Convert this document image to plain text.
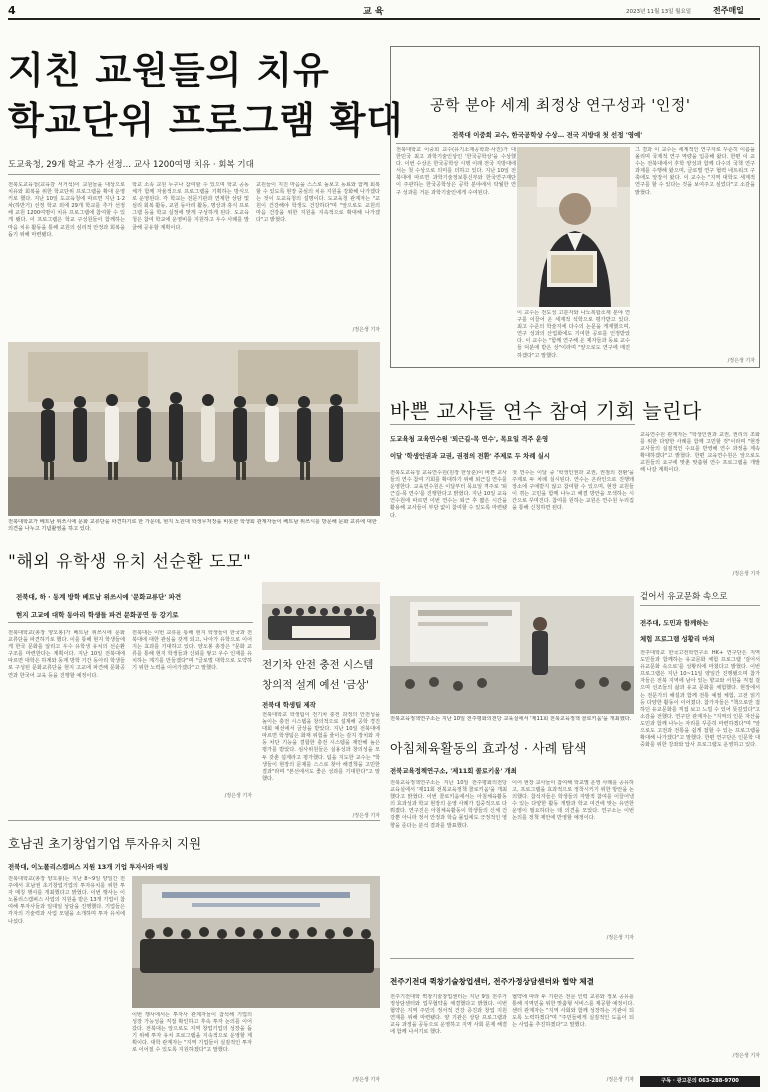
4	교 육	2023년 11월 13일 월요일	전주매일
지친 교원들의 치유
학교단위 프로그램 확대
도교육청, 29개 학교 추가 선정… 교사 1200여명 치유 · 회복 기대
전북도교육청(교육감 서거석)이 교원들을 대상으로 치유와 회복을 위한 학교단위 프로그램을 확대 운영키로 했다. 지난 10일 도교육청에 따르면 지난 1·2차(하반기) 선정 학교 외에 29개 학교를 추가 선정해 교원 1200여명이 치유 프로그램에 참여할 수 있게 됐다. 이 프로그램은 학교 구성원들이 함께하는 마음 치유 활동을 통해 교원의 심리적 안정과 회복을 돕기 위해 마련됐다.
학교 소속 교원 누구나 참여할 수 있으며 학교 공동체가 함께 자율적으로 프로그램을 기획하는 방식으로 운영된다. 각 학교는 전문기관과 연계한 상담 및 심리 회복 활동, 교원 동아리 활동, 명상과 휴식 프로그램 등을 학교 실정에 맞게 구성하게 된다. 도교육청은 참여 학교에 운영비를 지원하고 우수 사례를 발굴해 공유할 계획이다.
교원들이 지친 마음을 스스로 돌보고 동료와 함께 회복할 수 있도록 현장 중심의 치유 지원을 강화해 나가겠다는 것이 도교육청의 설명이다. 도교육청 관계자는 "교원이 건강해야 학생도 건강하다"며 "앞으로도 교원의 마음 건강을 위한 지원을 지속적으로 확대해 나가겠다"고 밝혔다.
/정은생 기자
전북대학교가 베트남 위쓰시에 문화 교류단을 파견하기로 한 가운데, 현지 노원대 학생무처장을 비롯한 학생회 관계자들이 베트남 위쓰시를 방문해 문화 교류에 대한 의견을 나누고 기념촬영을 하고 있다.
공학 분야 세계 최정상 연구성과 '인정'
전북대 이중희 교수, 한국공학상 수상… 전국 지방대 첫 선정 '영예'
전북대학교 이중희 교수(유기소재공학과·사진)가 대한민국 최고 과학기술인상인 '한국공학상'을 수상했다. 이번 수상은 한국공학상 시행 이래 전국 지방대에서는 첫 수상으로 의미를 더하고 있다. 지난 10일 전북대에 따르면 과학기술정보통신부와 한국연구재단이 주관하는 한국공학상은 공학 분야에서 탁월한 연구 성과를 거둔 과학기술인에게 수여된다.
이 교수는 전도성 고분자와 나노복합소재 분야 연구를 이끌어 온 세계적 석학으로 평가받고 있다. 최고 수준의 학술지에 다수의 논문을 게재했으며, 연구 성과의 산업화에도 기여한 공로를 인정받았다. 이 교수는 "함께 연구해 온 제자들과 동료 교수들 덕분에 받은 상"이라며 "앞으로도 연구에 매진하겠다"고 말했다.
그 결과 이 교수는 세계적인 연구자로 꾸준히 이름을 올리며 국제적 연구 역량을 입증해 왔다. 한편 이 교수는 전북대에서 후학 양성과 함께 다수의 국책 연구 과제를 수행해 왔으며, 글로벌 연구 협력 네트워크 구축에도 앞장서 왔다. 이 교수는 "지역 대학도 세계적 연구를 할 수 있다는 것을 보여주고 싶었다"고 소감을 밝혔다.
/정은생 기자
바쁜 교사들 연수 참여 기회 늘린다
도교육청 교육연수원 '퇴근길-목 연수', 목요일 격주 운영
이달 '학생인권과 교권, 권점의 전환' 주제로 두 차례 실시
전북도교육청 교육연수원(원장 한상훈)이 바쁜 교사들의 연수 참여 기회를 확대하기 위해 퇴근길 연수를 운영한다. 교육연수원은 이달부터 목요일 격주로 '퇴근길-목 연수'를 진행한다고 밝혔다. 지난 10일 교육연수원에 따르면 이번 연수는 퇴근 후 짧은 시간을 활용해 교사들이 부담 없이 참여할 수 있도록 마련됐다.
첫 연수는 이달 중 '학생인권과 교권, 권점의 전환'을 주제로 두 차례 실시된다. 연수는 온라인으로 진행돼 장소에 구애받지 않고 참여할 수 있으며, 현장 교원들이 겪는 고민을 함께 나누고 해결 방안을 모색하는 시간으로 꾸며진다. 참여를 원하는 교원은 연수원 누리집을 통해 신청하면 된다.
교육연수원 관계자는 "학생인권과 교권, 권리의 조화를 위한 다양한 사례를 함께 고민할 것"이라며 "현장 교사들의 실질적인 수요를 반영해 연수 과정을 계속 확대하겠다"고 밝혔다. 한편 교육연수원은 앞으로도 교원들의 요구에 맞춘 맞춤형 연수 프로그램을 개발해 나갈 계획이다.
/정은생 기자
"해외 유학생 유치 선순환 도모"
전북대, 하 · 동계 방학 베트남 위쓰시에 '문화교류단' 파견
현지 고교에 대학 동아리 학생들 파견 문화공연 등 강기로
전북대학교(총장 양오봉)가 베트남 위쓰시에 문화 교류단을 파견하기로 했다. 이를 통해 현지 학생들에게 한국 문화를 알리고 우수 유학생 유치의 선순환 구조를 마련한다는 계획이다. 지난 10일 전북대에 따르면 대학은 하계와 동계 방학 기간 동아리 학생들로 구성된 문화교류단을 현지 고교에 파견해 문화공연과 한국어 교육 등을 진행할 예정이다.
전북대는 이번 교류를 통해 현지 학생들이 한국과 전북대에 대한 관심을 갖게 되고, 나아가 유학으로 이어지는 효과를 기대하고 있다. 양오봉 총장은 "문화 교류를 통해 현지 학생들과 신뢰를 쌓고 우수 인재를 유치하는 계기를 만들겠다"며 "글로벌 대학으로 도약하기 위한 노력을 이어가겠다"고 말했다.
/정은생 기자
전기차 안전 충전 시스템
창의적 설계 예선 '금상'
전북대 학생팀 제작
전북대학교 학생팀이 전기차 충전 과정의 안전성을 높이는 충전 시스템을 창의적으로 설계해 공학 경진대회 예선에서 금상을 받았다. 지난 10일 전북대에 따르면 학생팀은 화재 위험을 줄이는 감지 장치와 자동 차단 기능을 결합한 충전 시스템을 제안해 높은 평가를 받았다. 심사위원들은 실용성과 창의성을 모두 갖춘 설계라고 평가했다. 팀을 지도한 교수는 "학생들이 현장의 문제를 스스로 찾아 해결책을 고민한 결과"라며 "본선에서도 좋은 성과를 기대한다"고 말했다.
/정은생 기자
전북교육정책연구소는 지난 10일 전주평화의전당 교육실에서 '제11회 전북교육정책 콜로키움'을 개최했다.
아침체육활동의 효과성 · 사례 탐색
전북교육정책연구소, '제11회 콜로키움' 개최
전북교육정책연구소는 지난 10일 전주평화의전당 교육실에서 '제11회 전북교육정책 콜로키움'을 개최했다고 밝혔다. 이번 콜로키움에서는 아침체육활동의 효과성과 학교 현장의 운영 사례가 집중적으로 다뤄졌다. 연구진은 아침체육활동이 학생들의 신체 건강뿐 아니라 정서 안정과 학습 몰입에도 긍정적인 영향을 준다는 분석 결과를 발표했다.
이어 현장 교사들이 참여해 학교별 운영 사례를 공유하고, 프로그램을 효과적으로 정착시키기 위한 방안을 논의했다. 참석자들은 학생들의 자발적 참여를 이끌어낼 수 있는 다양한 활동 개발과 학교 여건에 맞는 유연한 운영이 필요하다는 데 의견을 모았다. 연구소는 이번 논의를 정책 제안에 반영할 예정이다.
/정은생 기자
겉어서 유교문화 속으로
전주대, 도민과 함께하는
체험 프로그램 성황리 마쳐
전주대학교 한국고전학연구소 HK+ 연구단은 지역 도민들과 함께하는 유교문화 체험 프로그램 '걸어서 유교문화 속으로'를 성황리에 마쳤다고 밝혔다. 이번 프로그램은 지난 10~11일 양일간 진행됐으며 참가자들은 전북 지역에 남아 있는 향교와 서원을 직접 걸으며 선조들의 삶과 유교 문화를 체험했다. 현장에서는 전문가의 해설과 함께 전통 예절 체험, 고전 읽기 등 다양한 활동이 이어졌다. 참가자들은 "책으로만 접하던 유교문화를 직접 보고 느낄 수 있어 뜻깊었다"고 소감을 전했다. 연구단 관계자는 "지역의 인문 자산을 도민과 함께 나누는 자리를 꾸준히 마련하겠다"며 "앞으로도 고전과 전통을 쉽게 접할 수 있는 프로그램을 확대해 나가겠다"고 말했다. 한편 연구단은 인문학 대중화를 위한 강좌와 답사 프로그램도 운영하고 있다.
/정은생 기자
호남권 초기창업기업 투자유치 지원
전북대, 이노폴리스캠퍼스 지원 13개 기업 투자사와 매칭
전북대학교(총장 양오봉)는 지난 8~9일 양일간 전주에서 호남권 초기창업기업의 투자유치를 위한 투자 매칭 행사를 개최했다고 밝혔다. 이번 행사는 이노폴리스캠퍼스 사업의 지원을 받은 13개 기업이 참여해 투자사들과 일대일 상담을 진행했다. 기업들은 각자의 기술력과 사업 모델을 소개하며 투자 유치에 나섰다.
이번 행사에서는 투자사 관계자들이 참석해 기업의 성장 가능성을 직접 확인하고 후속 투자 논의를 이어갔다. 전북대는 앞으로도 지역 창업기업의 성장을 돕기 위해 투자 유치 프로그램을 지속적으로 운영할 계획이다. 대학 관계자는 "지역 기업들이 실질적인 투자로 이어질 수 있도록 지원하겠다"고 말했다.
/정은생 기자
전주기전대 퀵창기술창업센터, 전주가정상담센터와 협약 체결
전주기전대학 퀵창기술창업센터는 지난 9일 전주가정상담센터와 업무협약을 체결했다고 밝혔다. 이번 협약은 지역 주민의 정서적 건강 증진과 창업 지원 연계를 위해 마련됐다. 양 기관은 상담 프로그램과 교육 과정을 공동으로 운영하고 지역 사회 문제 해결에 함께 나서기로 했다.
협약에 따라 두 기관은 전문 인력 교류와 정보 공유를 통해 지역민을 위한 맞춤형 서비스를 제공할 예정이다. 센터 관계자는 "지역 사회와 함께 성장하는 기관이 되도록 노력하겠다"며 "주민들에게 실질적인 도움이 되는 사업을 추진하겠다"고 말했다.
/정은생 기자	구독 · 광고문의 063-288-9700
